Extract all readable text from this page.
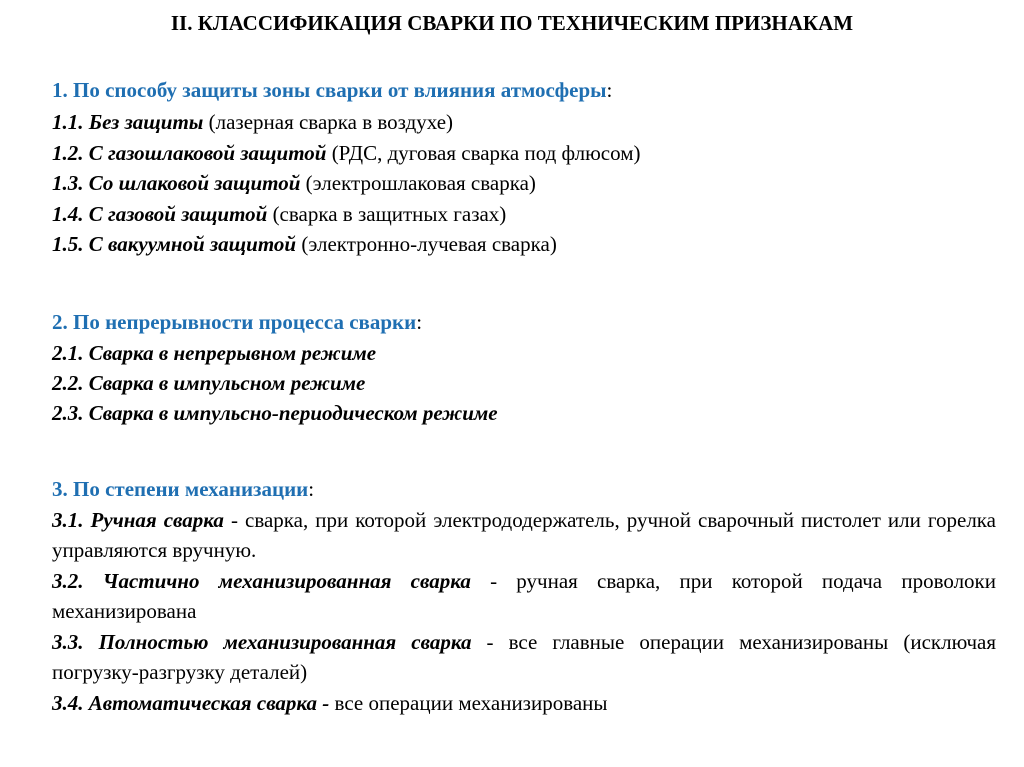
II. КЛАССИФИКАЦИЯ СВАРКИ ПО ТЕХНИЧЕСКИМ ПРИЗНАКАМ
1. По способу защиты зоны сварки от влияния атмосферы:
1.1. Без защиты (лазерная сварка в воздухе)
1.2. С газошлаковой защитой (РДС, дуговая сварка под флюсом)
1.3. Со шлаковой защитой (электрошлаковая сварка)
1.4. С газовой защитой (сварка в защитных газах)
1.5. С вакуумной защитой (электронно-лучевая сварка)
2. По непрерывности процесса сварки:
2.1. Сварка в непрерывном режиме
2.2. Сварка в импульсном режиме
2.3. Сварка в импульсно-периодическом режиме
3. По степени механизации:
3.1. Ручная сварка - сварка, при которой электрододержатель, ручной сварочный пистолет или горелка управляются вручную.
3.2. Частично механизированная сварка - ручная сварка, при которой подача проволоки механизирована
3.3. Полностью механизированная сварка - все главные операции механизированы (исключая погрузку-разгрузку деталей)
3.4. Автоматическая сварка - все операции механизированы
